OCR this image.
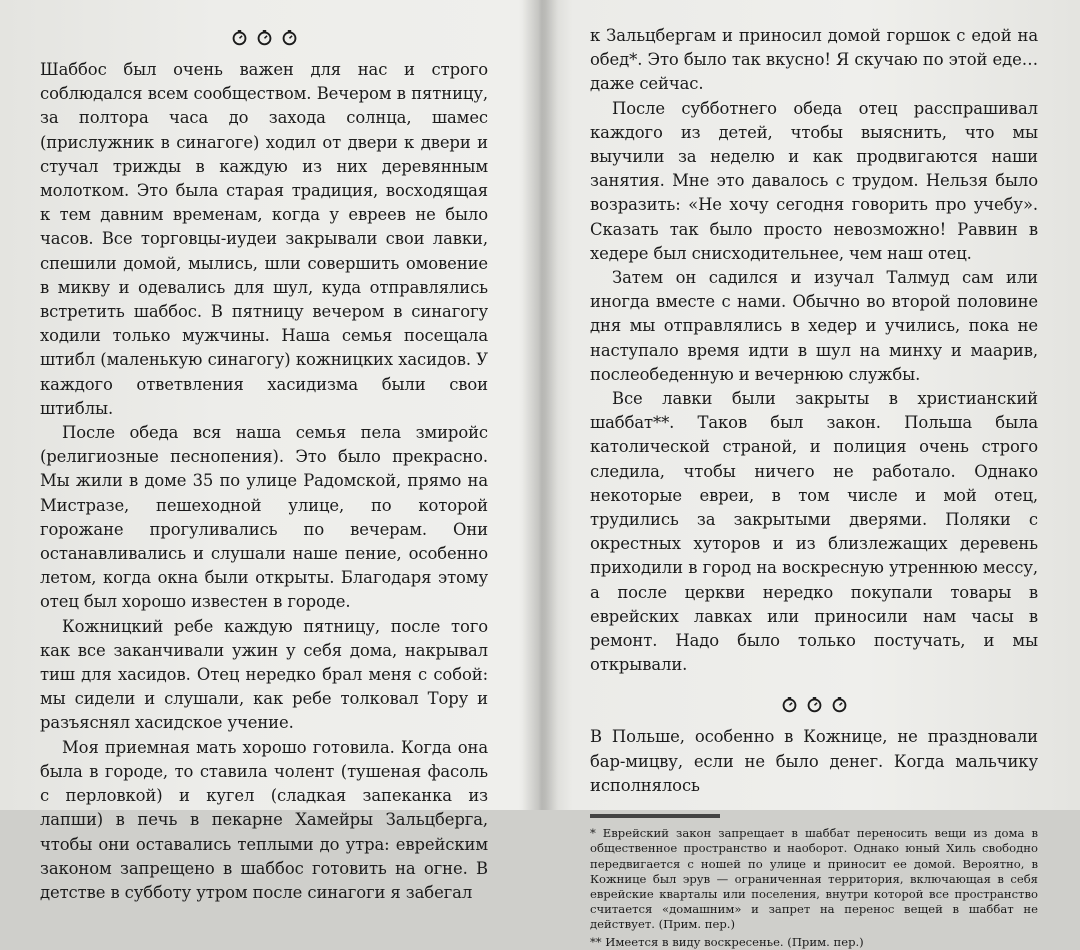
Шаббос был очень важен для нас и строго соблюдался всем сообществом. Вечером в пятницу, за полтора часа до захода солнца, шамес (прислужник в синагоге) ходил от двери к двери и стучал трижды в каждую из них деревянным молотком. Это была старая традиция, восходящая к тем давним временам, когда у евреев не было часов. Все торговцы-иудеи закрывали свои лавки, спешили домой, мылись, шли совершить омовение в микву и одевались для шул, куда отправлялись встретить шаббос. В пятницу вечером в синагогу ходили только мужчины. Наша семья посещала штибл (маленькую синагогу) кожницких хасидов. У каждого ответвления хасидизма были свои штиблы.

После обеда вся наша семья пела змиройс (религиозные песнопения). Это было прекрасно. Мы жили в доме 35 по улице Радомской, прямо на Мистразе, пешеходной улице, по которой горожане прогуливались по вечерам. Они останавливались и слушали наше пение, особенно летом, когда окна были открыты. Благодаря этому отец был хорошо известен в городе.

Кожницкий ребе каждую пятницу, после того как все заканчивали ужин у себя дома, накрывал тиш для хасидов. Отец нередко брал меня с собой: мы сидели и слушали, как ребе толковал Тору и разъяснял хасидское учение.

Моя приемная мать хорошо готовила. Когда она была в городе, то ставила чолент (тушеная фасоль с перловкой) и кугел (сладкая запеканка из лапши) в печь в пекарне Хамейры Зальцберга, чтобы они оставались теплыми до утра: еврейским законом запрещено в шаббос готовить на огне. В детстве в субботу утром после синагоги я забегал

к Зальцбергам и приносил домой горшок с едой на обед*. Это было так вкусно! Я скучаю по этой еде… даже сейчас.

После субботнего обеда отец расспрашивал каждого из детей, чтобы выяснить, что мы выучили за неделю и как продвигаются наши занятия. Мне это давалось с трудом. Нельзя было возразить: «Не хочу сегодня говорить про учебу». Сказать так было просто невозможно! Раввин в хедере был снисходительнее, чем наш отец.

Затем он садился и изучал Талмуд сам или иногда вместе с нами. Обычно во второй половине дня мы отправлялись в хедер и учились, пока не наступало время идти в шул на минху и маарив, послеобеденную и вечернюю службы.

Все лавки были закрыты в христианский шаббат**. Таков был закон. Польша была католической страной, и полиция очень строго следила, чтобы ничего не работало. Однако некоторые евреи, в том числе и мой отец, трудились за закрытыми дверями. Поляки с окрестных хуторов и из близлежащих деревень приходили в город на воскресную утреннюю мессу, а после церкви нередко покупали товары в еврейских лавках или приносили нам часы в ремонт. Надо было только постучать, и мы открывали.

В Польше, особенно в Кожнице, не праздновали бар-мицву, если не было денег. Когда мальчику исполнялось

* Еврейский закон запрещает в шаббат переносить вещи из дома в общественное пространство и наоборот. Однако юный Хиль свободно передвигается с ношей по улице и приносит ее домой. Вероятно, в Кожнице был эрув — ограниченная территория, включающая в себя еврейские кварталы или поселения, внутри которой все пространство считается «домашним» и запрет на перенос вещей в шаббат не действует. (Прим. пер.)

** Имеется в виду воскресенье. (Прим. пер.)
